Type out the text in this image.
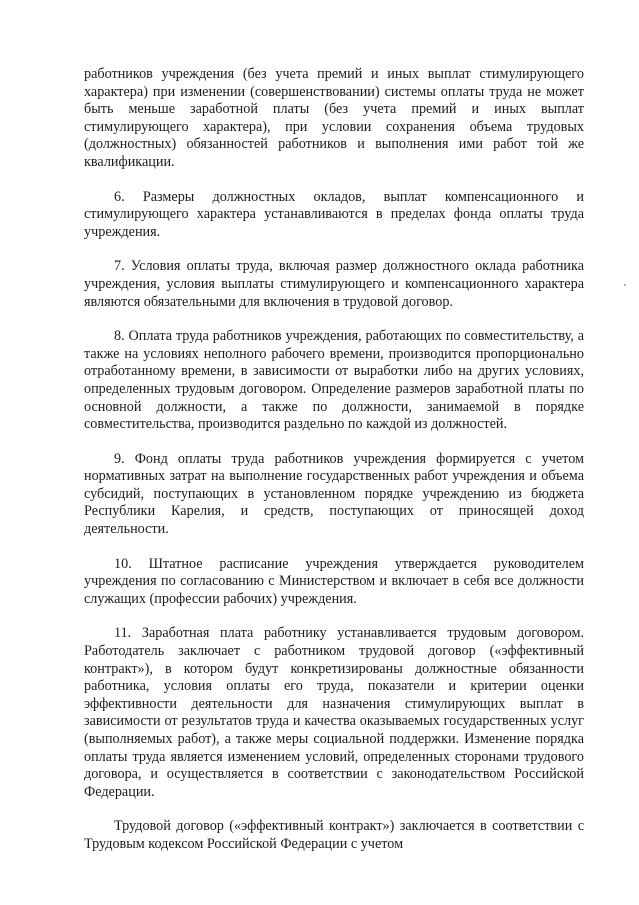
работников учреждения (без учета премий и иных выплат стимулирующего характера) при изменении (совершенствовании) системы оплаты труда не может быть меньше заработной платы (без учета премий и иных выплат стимулирующего характера), при условии сохранения объема трудовых (должностных) обязанностей работников и выполнения ими работ той же квалификации.

6. Размеры должностных окладов, выплат компенсационного и стимулирующего характера устанавливаются в пределах фонда оплаты труда учреждения.

7. Условия оплаты труда, включая размер должностного оклада работника учреждения, условия выплаты стимулирующего и компенсационного характера являются обязательными для включения в трудовой договор.

8. Оплата труда работников учреждения, работающих по совместительству, а также на условиях неполного рабочего времени, производится пропорционально отработанному времени, в зависимости от выработки либо на других условиях, определенных трудовым договором. Определение размеров заработной платы по основной должности, а также по должности, занимаемой в порядке совместительства, производится раздельно по каждой из должностей.

9. Фонд оплаты труда работников учреждения формируется с учетом нормативных затрат на выполнение государственных работ учреждения и объема субсидий, поступающих в установленном порядке учреждению из бюджета Республики Карелия, и средств, поступающих от приносящей доход деятельности.

10. Штатное расписание учреждения утверждается руководителем учреждения по согласованию с Министерством и включает в себя все должности служащих (профессии рабочих) учреждения.

11. Заработная плата работнику устанавливается трудовым договором. Работодатель заключает с работником трудовой договор («эффективный контракт»), в котором будут конкретизированы должностные обязанности работника, условия оплаты его труда, показатели и критерии оценки эффективности деятельности для назначения стимулирующих выплат в зависимости от результатов труда и качества оказываемых государственных услуг (выполняемых работ), а также меры социальной поддержки. Изменение порядка оплаты труда является изменением условий, определенных сторонами трудового договора, и осуществляется в соответствии с законодательством Российской Федерации.

Трудовой договор («эффективный контракт») заключается в соответствии с Трудовым кодексом Российской Федерации с учетом
